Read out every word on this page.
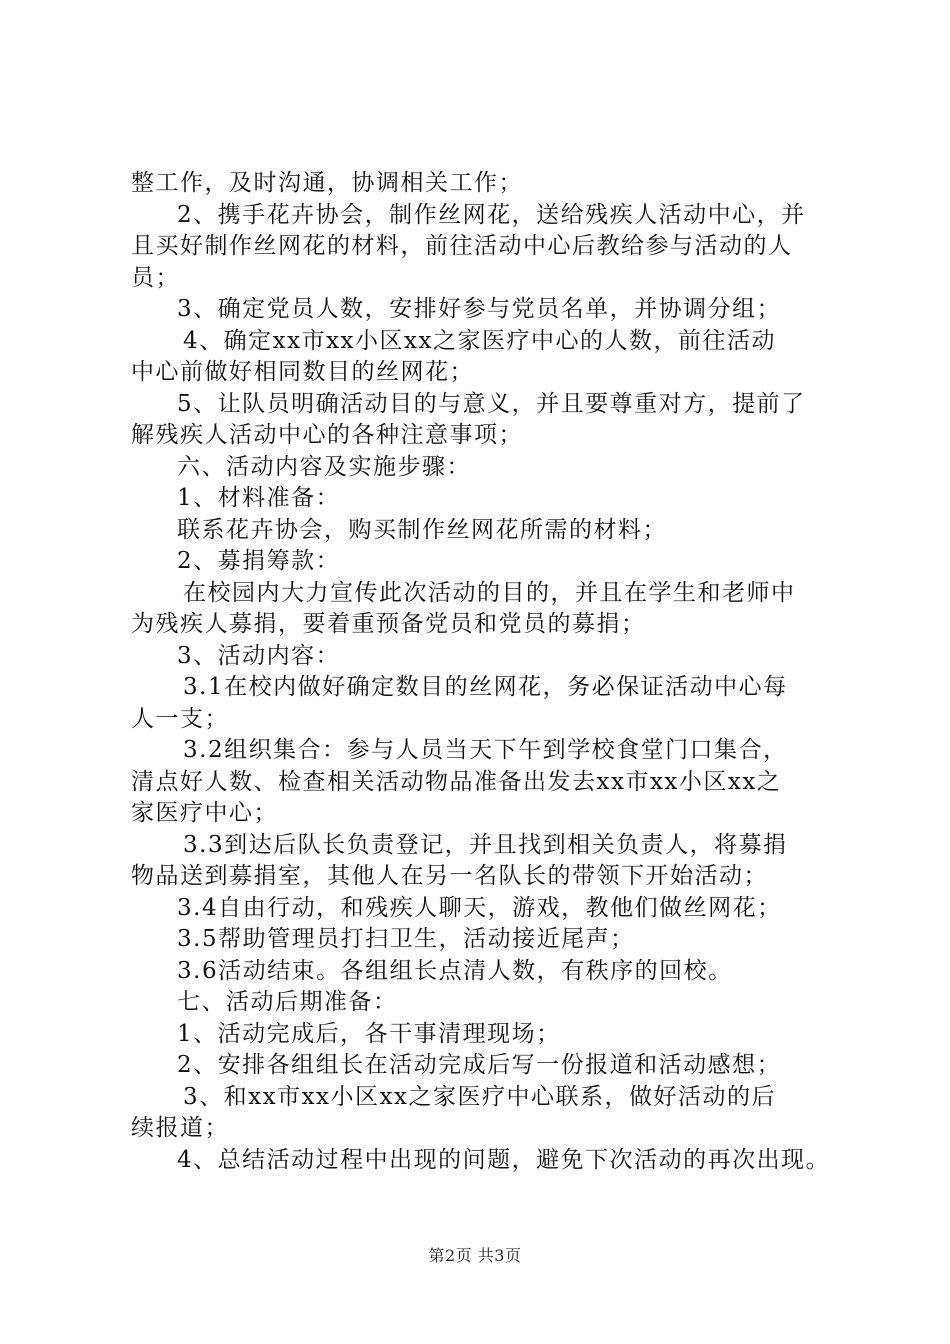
整工作，及时沟通，协调相关工作；
2、携手花卉协会，制作丝网花，送给残疾人活动中心，并
且买好制作丝网花的材料，前往活动中心后教给参与活动的人
员；
3、确定党员人数，安排好参与党员名单，并协调分组；
4、确定xx市xx小区xx之家医疗中心的人数，前往活动
中心前做好相同数目的丝网花；
5、让队员明确活动目的与意义，并且要尊重对方，提前了
解残疾人活动中心的各种注意事项；
六、活动内容及实施步骤：
1、材料准备：
联系花卉协会，购买制作丝网花所需的材料；
2、募捐筹款：
在校园内大力宣传此次活动的目的，并且在学生和老师中
为残疾人募捐，要着重预备党员和党员的募捐；
3、活动内容：
3.1在校内做好确定数目的丝网花，务必保证活动中心每
人一支；
3.2组织集合：参与人员当天下午到学校食堂门口集合，
清点好人数、检查相关活动物品准备出发去xx市xx小区xx之
家医疗中心；
3.3到达后队长负责登记，并且找到相关负责人，将募捐
物品送到募捐室，其他人在另一名队长的带领下开始活动；
3.4自由行动，和残疾人聊天，游戏，教他们做丝网花；
3.5帮助管理员打扫卫生，活动接近尾声；
3.6活动结束。各组组长点清人数，有秩序的回校。
七、活动后期准备：
1、活动完成后，各干事清理现场；
2、安排各组组长在活动完成后写一份报道和活动感想；
3、和xx市xx小区xx之家医疗中心联系，做好活动的后
续报道；
4、总结活动过程中出现的问题，避免下次活动的再次出现。
第2页 共3页
